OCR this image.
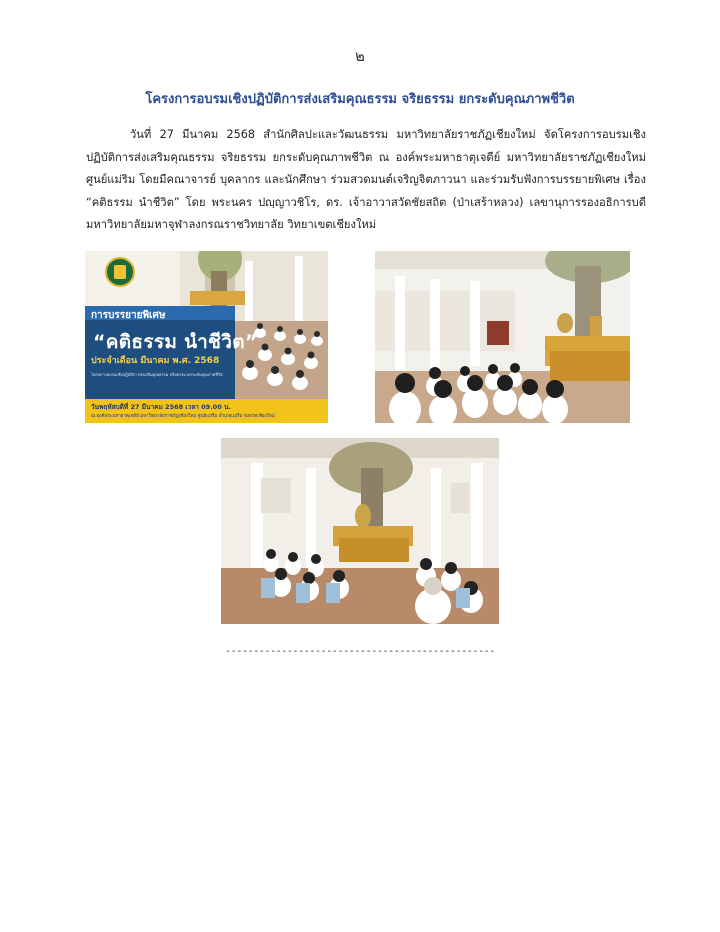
๒
โครงการอบรมเชิงปฏิบัติการส่งเสริมคุณธรรม จริยธรรม ยกระดับคุณภาพชีวิต

วันที่ 27 มีนาคม 2568 สำนักศิลปะและวัฒนธรรม มหาวิทยาลัยราชภัฏเชียงใหม่ จัดโครงการอบรมเชิงปฏิบัติการส่งเสริมคุณธรรม จริยธรรม ยกระดับคุณภาพชีวิต ณ องค์พระมหาธาตุเจดีย์ มหาวิทยาลัยราชภัฏเชียงใหม่ ศูนย์แม่ริม โดยมีคณาจารย์ บุคลากร และนักศึกษา ร่วมสวดมนต์เจริญจิตภาวนา และร่วมรับฟังการบรรยายพิเศษ เรื่อง “คติธรรม นำชีวิต” โดย พระนคร ปญฺญาวชิโร, ดร. เจ้าอาวาสวัดชัยสถิต (ป่าเสร้าหลวง) เลขานุการรองอธิการบดี มหาวิทยาลัยมหาจุฬาลงกรณราชวิทยาลัย วิทยาเขตเชียงใหม่

การบรรยายพิเศษ
“คติธรรม นำชีวิต”
ประจำเดือน มีนาคม พ.ศ. 2568
โครงการอบรมเชิงปฏิบัติการส่งเสริมคุณธรรม จริยธรรม ยกระดับคุณภาพชีวิต
วันพฤหัสบดีที่ 27 มีนาคม 2568 เวลา 09.00 น.
ณ องค์พระมหาธาตุเจดีย์ มหาวิทยาลัยราชภัฏเชียงใหม่ ศูนย์แม่ริม อำเภอแม่ริม จังหวัดเชียงใหม่
------------------------------------------------
